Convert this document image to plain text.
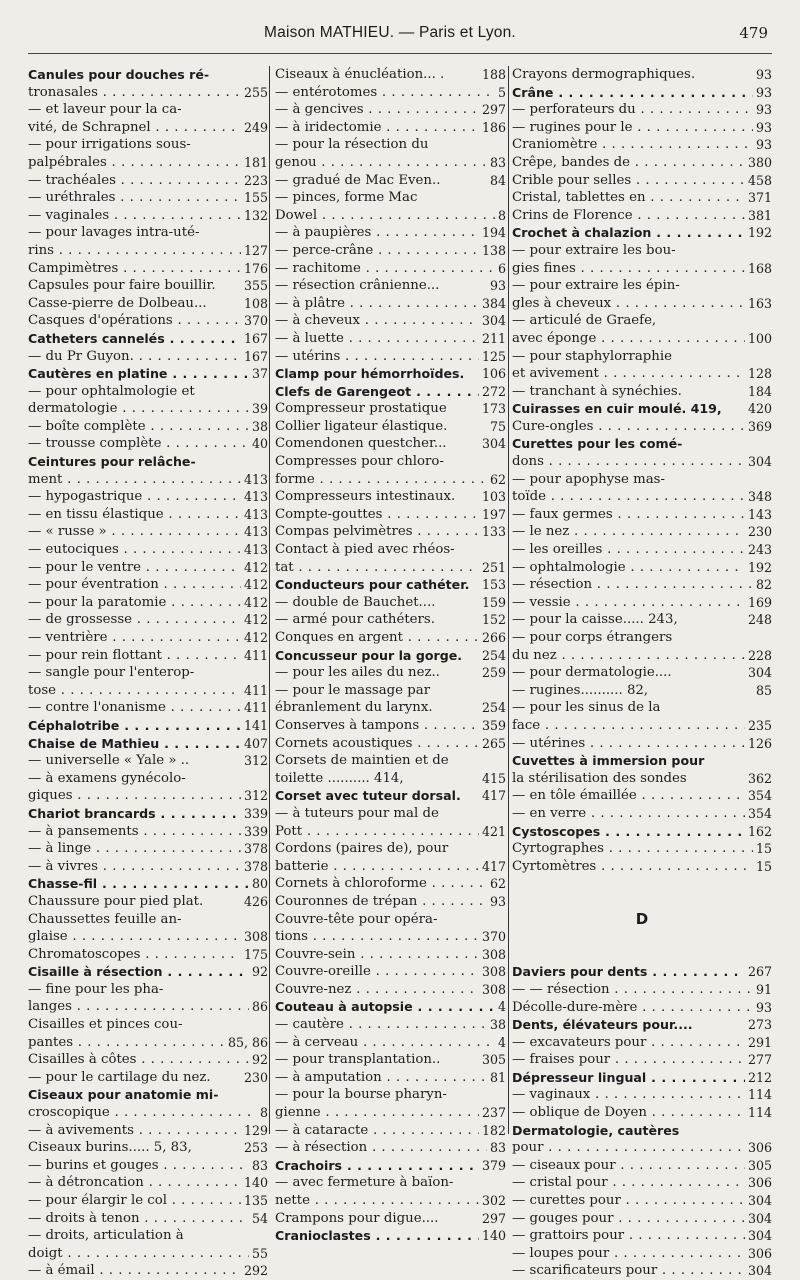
Maison MATHIEU. — Paris et Lyon.	479
Canules pour douches ré-
tronasales . . .	255
— et laveur pour la ca-
vité, de Schrapnel . . .	249
— pour irrigations sous-
palpébrales . . .	181
— trachéales . . .	223
— uréthrales . . .	155
— vaginales . . .	132
— pour lavages intra-uté-
rins . . .	127
Campimètres . . .	176
Capsules pour faire bouillir.	355
Casse-pierre de Dolbeau...	108
Casques d'opérations . . .	370
Catheters cannelés . . .	167
— du Pr Guyon. . . .	167
Cautères en platine . . .	37
— pour ophtalmologie et
dermatologie . . .	39
— boîte complète . . .	38
— trousse complète . . .	40
Ceintures pour relâche-
ment . . .	413
— hypogastrique . . .	413
— en tissu élastique . . .	413
— « russe » . . .	413
— eutociques . . .	413
— pour le ventre . . .	412
— pour éventration . . .	412
— pour la paratomie . . .	412
— de grossesse . . .	412
— ventrière . . .	412
— pour rein flottant . . .	411
— sangle pour l'enterop-
tose . . .	411
— contre l'onanisme . . .	411
Céphalotribe . . .	141
Chaise de Mathieu . . .	407
— universelle « Yale » ..	312
— à examens gynécolo-
giques . . .	312
Chariot brancards . . .	339
— à pansements . . .	339
— à linge . . .	378
— à vivres . . .	378
Chasse-fil . . .	80
Chaussure pour pied plat.	426
Chaussettes feuille an-
glaise . . .	308
Chromatoscopes . . .	175
Cisaille à résection . . .	92
— fine pour les pha-
langes . . .	86
Cisailles et pinces cou-
pantes . . .	85, 86
Cisailles à côtes . . .	92
— pour le cartilage du nez.	230
Ciseaux pour anatomie mi-
croscopique . . .	8
— à avivements . . .	129
Ciseaux burins..... 5, 83,	253
— burins et gouges . . .	83
— à détroncation . . .	140
— pour élargir le col . . .	135
— droits à tenon . . .	54
— droits, articulation à
doigt . . .	55
— à émail . . .	292
Ciseaux à énucléation... .	188
— entérotomes . . .	5
— à gencives . . .	297
— à iridectomie . . .	186
— pour la résection du
genou . . .	83
— gradué de Mac Even..	84
— pinces, forme Mac
Dowel . . .	8
— à paupières . . .	194
— perce-crâne . . .	138
— rachitome . . .	6
— résection crânienne...	93
— à plâtre . . .	384
— à cheveux . . .	304
— à luette . . .	211
— utérins . . .	125
Clamp pour hémorrhoïdes.	106
Clefs de Garengeot . . .	272
Compresseur prostatique	173
Collier ligateur élastique.	75
Comendonen questcher...	304
Compresses pour chloro-
forme . . .	62
Compresseurs intestinaux.	103
Compte-gouttes . . .	197
Compas pelvimètres . . .	133
Contact à pied avec rhéos-
tat . . .	251
Conducteurs pour cathéter. 153
— double de Bauchet....	159
— armé pour cathéters.	152
Conques en argent . . .	266
Concusseur pour la gorge.	254
— pour les ailes du nez..	259
— pour le massage par
ébranlement du larynx.	254
Conserves à tampons . . .	359
Cornets acoustiques . . .	265
Corsets de maintien et de
toilette .......... 414,	415
Corset avec tuteur dorsal.	417
— à tuteurs pour mal de
Pott . . .	421
Cordons (paires de), pour
batterie . . .	417
Cornets à chloroforme . . .	62
Couronnes de trépan . . .	93
Couvre-tête pour opéra-
tions . . .	370
Couvre-sein . . .	308
Couvre-oreille . . .	308
Couvre-nez . . .	308
Couteau à autopsie . . .	4
— cautère . . .	38
— à cerveau . . .	4
— pour transplantation..	305
— à amputation . . .	81
— pour la bourse pharyn-
gienne . . .	237
— à cataracte . . .	182
— à résection . . .	83
Crachoirs . . .	379
— avec fermeture à baïon-
nette . . .	302
Crampons pour digue....	297
Cranioclastes . . .	140
Crayons dermographiques.	93
Crâne . . .	93
— perforateurs du . . .	93
— rugines pour le . . .	93
Craniomètre . . .	93
Crêpe, bandes de . . .	380
Crible pour selles . . .	458
Cristal, tablettes en . . .	371
Crins de Florence . . .	381
Crochet à chalazion . . .	192
— pour extraire les bou-
gies fines . . .	168
— pour extraire les épin-
gles à cheveux . . .	163
— articulé de Graefe,
avec éponge . . .	100
— pour staphylorraphie
et avivement . . .	128
— tranchant à synéchies.	184
Cuirasses en cuir moulé. 419,	420
Cure-ongles . . .	369
Curettes pour les comé-
dons . . .	304
— pour apophyse mas-
toïde . . .	348
— faux germes . . .	143
— le nez . . .	230
— les oreilles . . .	243
— ophtalmologie . . .	192
— résection . . .	82
— vessie . . .	169
— pour la caisse..... 243,	248
— pour corps étrangers
du nez . . .	228
— pour dermatologie....	304
— rugines.......... 82,	85
— pour les sinus de la
face . . .	235
— utérines . . .	126
Cuvettes à immersion pour
la stérilisation des sondes	362
— en tôle émaillée . . .	354
— en verre . . .	354
Cystoscopes . . .	162
Cyrtographes . . .	15
Cyrtomètres . . .	15
D
Daviers pour dents . . .	267
— — résection . . .	91
Décolle-dure-mère . . .	93
Dents, élévateurs pour....	273
— excavateurs pour . . .	291
— fraises pour . . .	277
Dépresseur lingual . . .	212
— vaginaux . . .	114
— oblique de Doyen . . .	114
Dermatologie, cautères
pour . . .	306
— ciseaux pour . . .	305
— cristal pour . . .	306
— curettes pour . . .	304
— gouges pour . . .	304
— grattoirs pour . . .	304
— loupes pour . . .	306
— scarificateurs pour . . .	304
